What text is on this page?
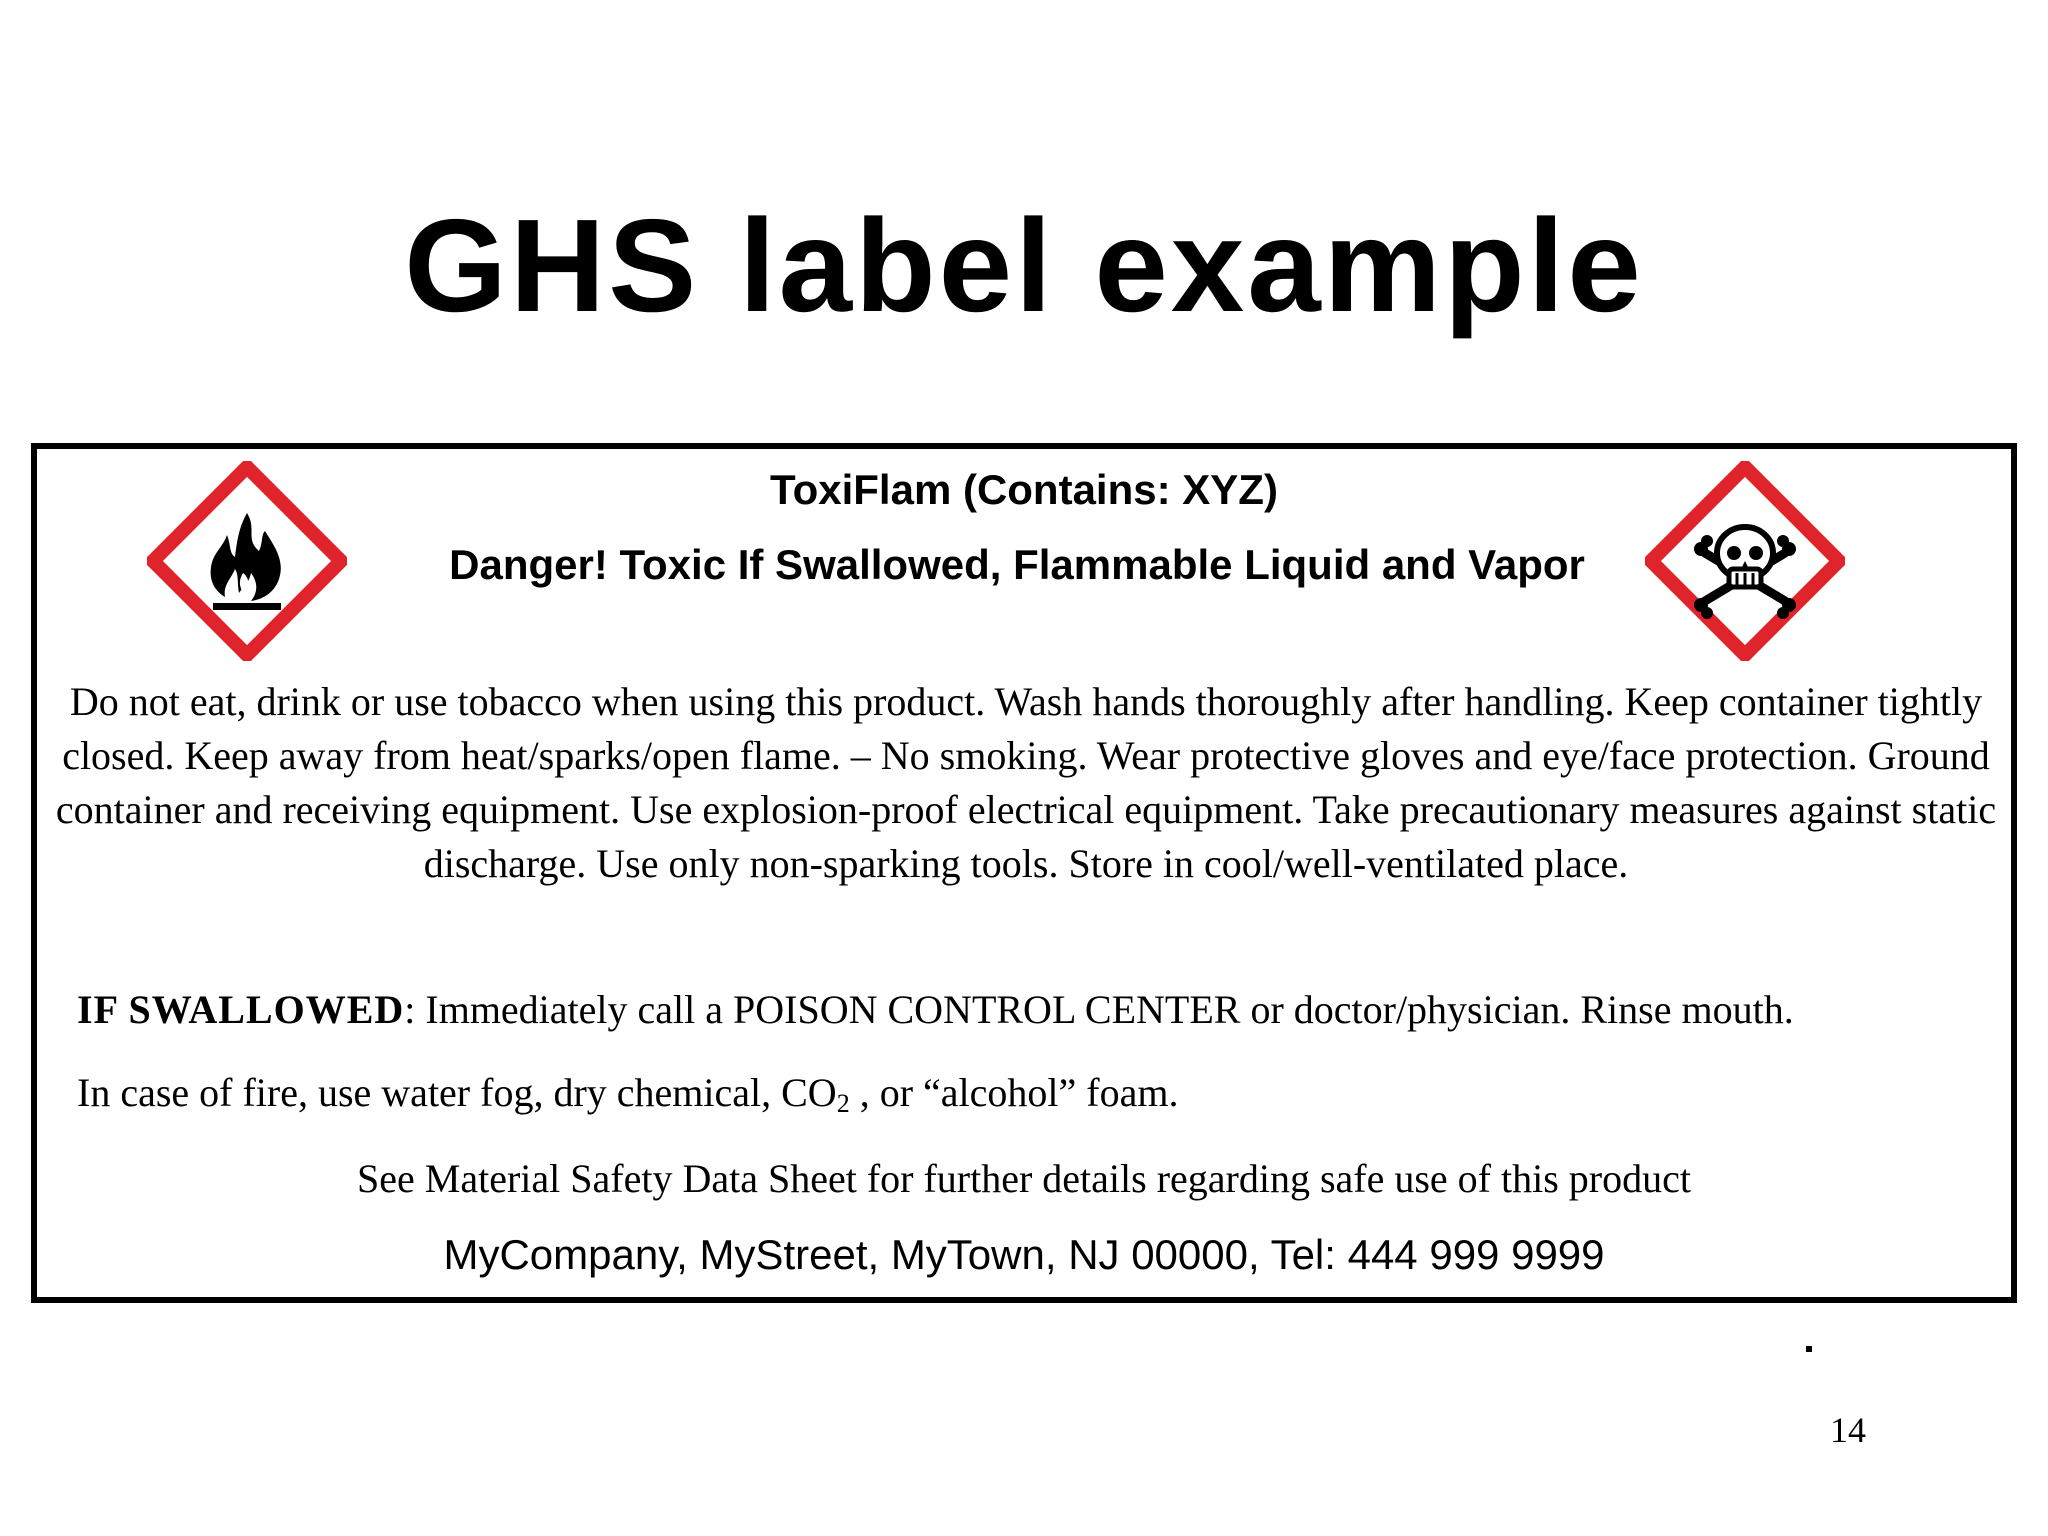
GHS label example
ToxiFlam (Contains: XYZ)
Danger! Toxic If Swallowed, Flammable Liquid and Vapor
Do not eat, drink or use tobacco when using this product. Wash hands thoroughly after handling. Keep container tightly closed. Keep away from heat/sparks/open flame. – No smoking. Wear protective gloves and eye/face protection. Ground container and receiving equipment. Use explosion-proof electrical equipment. Take precautionary measures against static discharge. Use only non-sparking tools. Store in cool/well-ventilated place.
IF SWALLOWED: Immediately call a POISON CONTROL CENTER or doctor/physician. Rinse mouth.
In case of fire, use water fog, dry chemical, $CO_2$ , or “alcohol” foam.
See Material Safety Data Sheet for further details regarding safe use of this product
MyCompany, MyStreet, MyTown, NJ 00000, Tel: 444 999 9999
14
